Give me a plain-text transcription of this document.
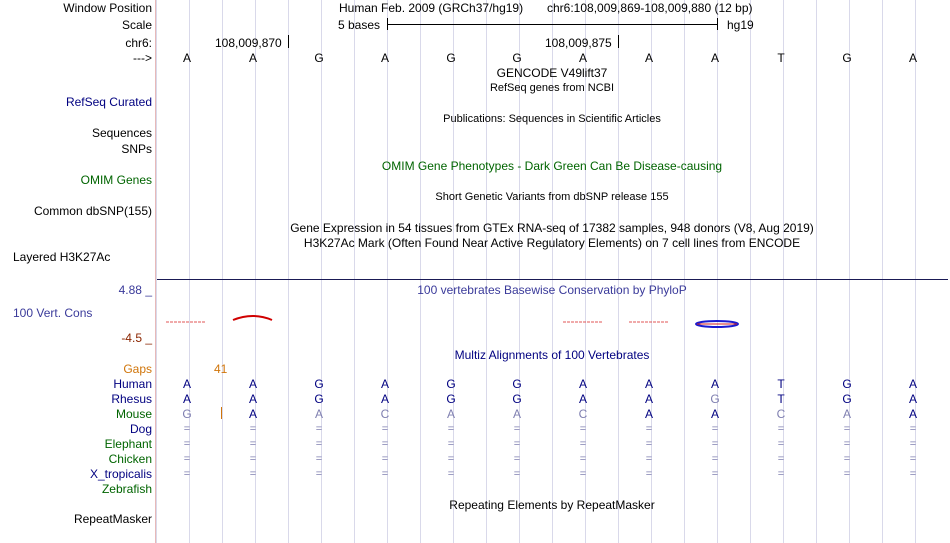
Window Position	Human Feb. 2009 (GRCh37/hg19) chr6:108,009,869-108,009,880 (12 bp)
Scale	5 bases	hg19
chr6:	108,009,870	108,009,875
--->	A	A	G	A	G	G	A	A	A	T	G	A
GENCODE V49lift37
RefSeq genes from NCBI
RefSeq Curated
Publications: Sequences in Scientific Articles
Sequences
SNPs
OMIM Gene Phenotypes - Dark Green Can Be Disease-causing
OMIM Genes
Short Genetic Variants from dbSNP release 155
Common dbSNP(155)
Gene Expression in 54 tissues from GTEx RNA-seq of 17382 samples, 948 donors (V8, Aug 2019)
H3K27Ac Mark (Often Found Near Active Regulatory Elements) on 7 cell lines from ENCODE
Layered H3K27Ac
4.88 _	100 vertebrates Basewise Conservation by PhyloP
100 Vert. Cons
-4.5 _
Multiz Alignments of 100 Vertebrates
Gaps	41
Human	A	A	G	A	G	G	A	A	A	T	G	A
Rhesus	A	A	G	A	G	G	A	A	G	T	G	A
Mouse	G	A	A	C	A	A	C	A	A	C	A	A
Dog	=	=	=	=	=	=	=	=	=	=	=	=
Elephant	=	=	=	=	=	=	=	=	=	=	=	=
Chicken	=	=	=	=	=	=	=	=	=	=	=	=
X_tropicalis	=	=	=	=	=	=	=	=	=	=	=	=
Zebrafish
Repeating Elements by RepeatMasker
RepeatMasker
